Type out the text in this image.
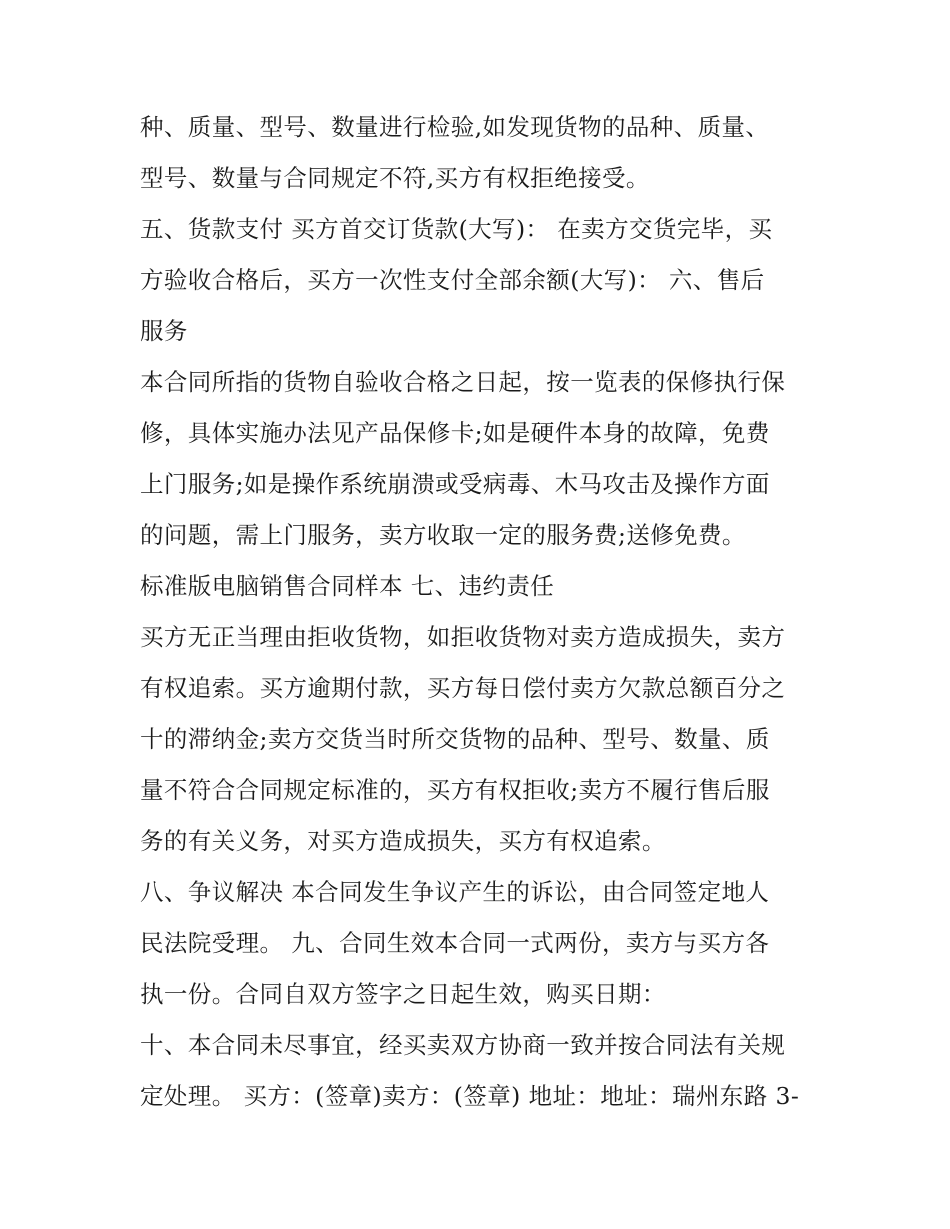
种、质量、型号、数量进行检验,如发现货物的品种、质量、
型号、数量与合同规定不符,买方有权拒绝接受。
五、货款支付 买方首交订货款(大写)： 在卖方交货完毕，买
方验收合格后，买方一次性支付全部余额(大写)： 六、售后
服务
本合同所指的货物自验收合格之日起，按一览表的保修执行保
修，具体实施办法见产品保修卡;如是硬件本身的故障，免费
上门服务;如是操作系统崩溃或受病毒、木马攻击及操作方面
的问题，需上门服务，卖方收取一定的服务费;送修免费。
标准版电脑销售合同样本 七、违约责任
买方无正当理由拒收货物，如拒收货物对卖方造成损失，卖方
有权追索。买方逾期付款，买方每日偿付卖方欠款总额百分之
十的滞纳金;卖方交货当时所交货物的品种、型号、数量、质
量不符合合同规定标准的，买方有权拒收;卖方不履行售后服
务的有关义务，对买方造成损失，买方有权追索。
八、争议解决 本合同发生争议产生的诉讼，由合同签定地人
民法院受理。 九、合同生效本合同一式两份，卖方与买方各
执一份。合同自双方签字之日起生效，购买日期：
十、本合同未尽事宜，经买卖双方协商一致并按合同法有关规
定处理。 买方：(签章)卖方：(签章) 地址：地址：瑞州东路 3-
